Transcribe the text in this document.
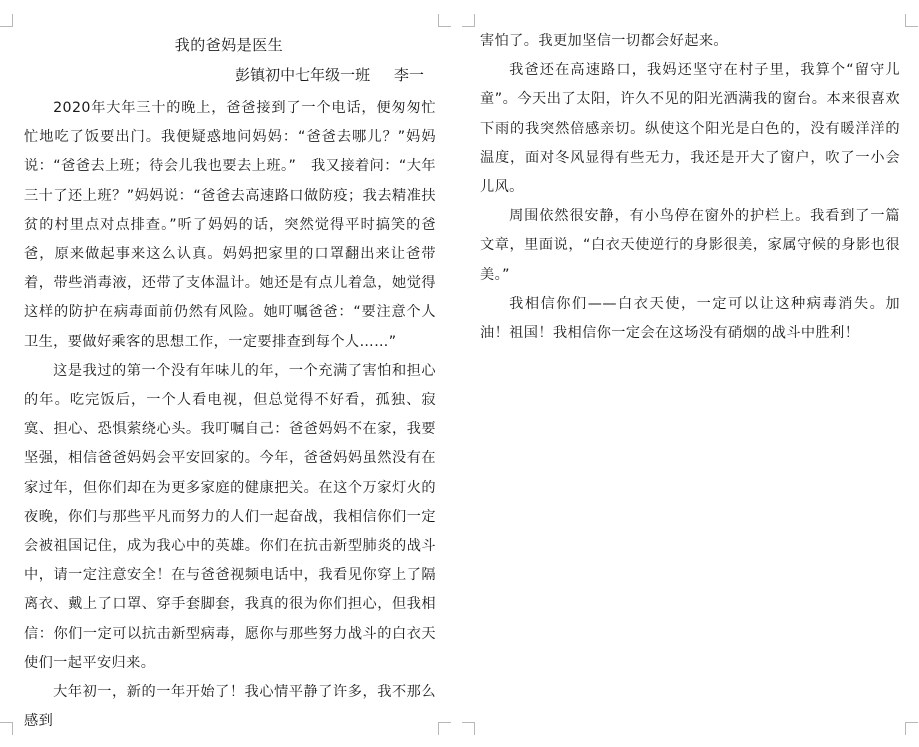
我的爸妈是医生
彭镇初中七年级一班     李一

2020年大年三十的晚上，爸爸接到了一个电话，便匆匆忙忙地吃了饭要出门。我便疑惑地问妈妈：“爸爸去哪儿？”妈妈说：“爸爸去上班；待会儿我也要去上班。”　我又接着问：“大年三十了还上班？”妈妈说：“爸爸去高速路口做防疫；我去精准扶贫的村里点对点排查。”听了妈妈的话，突然觉得平时搞笑的爸爸，原来做起事来这么认真。妈妈把家里的口罩翻出来让爸带着，带些消毒液，还带了支体温计。她还是有点儿着急，她觉得这样的防护在病毒面前仍然有风险。她叮嘱爸爸：“要注意个人卫生，要做好乘客的思想工作，一定要排查到每个人……”

这是我过的第一个没有年味儿的年，一个充满了害怕和担心的年。吃完饭后，一个人看电视，但总觉得不好看，孤独、寂寞、担心、恐惧萦绕心头。我叮嘱自己：爸爸妈妈不在家，我要坚强，相信爸爸妈妈会平安回家的。今年，爸爸妈妈虽然没有在家过年，但你们却在为更多家庭的健康把关。在这个万家灯火的夜晚，你们与那些平凡而努力的人们一起奋战，我相信你们一定会被祖国记住，成为我心中的英雄。你们在抗击新型肺炎的战斗中，请一定注意安全！在与爸爸视频电话中，我看见你穿上了隔离衣、戴上了口罩、穿手套脚套，我真的很为你们担心，但我相信：你们一定可以抗击新型病毒，愿你与那些努力战斗的白衣天使们一起平安归来。

大年初一，新的一年开始了！我心情平静了许多，我不那么感到

害怕了。我更加坚信一切都会好起来。

我爸还在高速路口，我妈还坚守在村子里，我算个“留守儿童”。今天出了太阳，许久不见的阳光洒满我的窗台。本来很喜欢下雨的我突然倍感亲切。纵使这个阳光是白色的，没有暖洋洋的温度，面对冬风显得有些无力，我还是开大了窗户，吹了一小会儿风。

周围依然很安静，有小鸟停在窗外的护栏上。我看到了一篇文章，里面说，“白衣天使逆行的身影很美，家属守候的身影也很美。”

我相信你们——白衣天使，一定可以让这种病毒消失。加油！祖国！我相信你一定会在这场没有硝烟的战斗中胜利！
